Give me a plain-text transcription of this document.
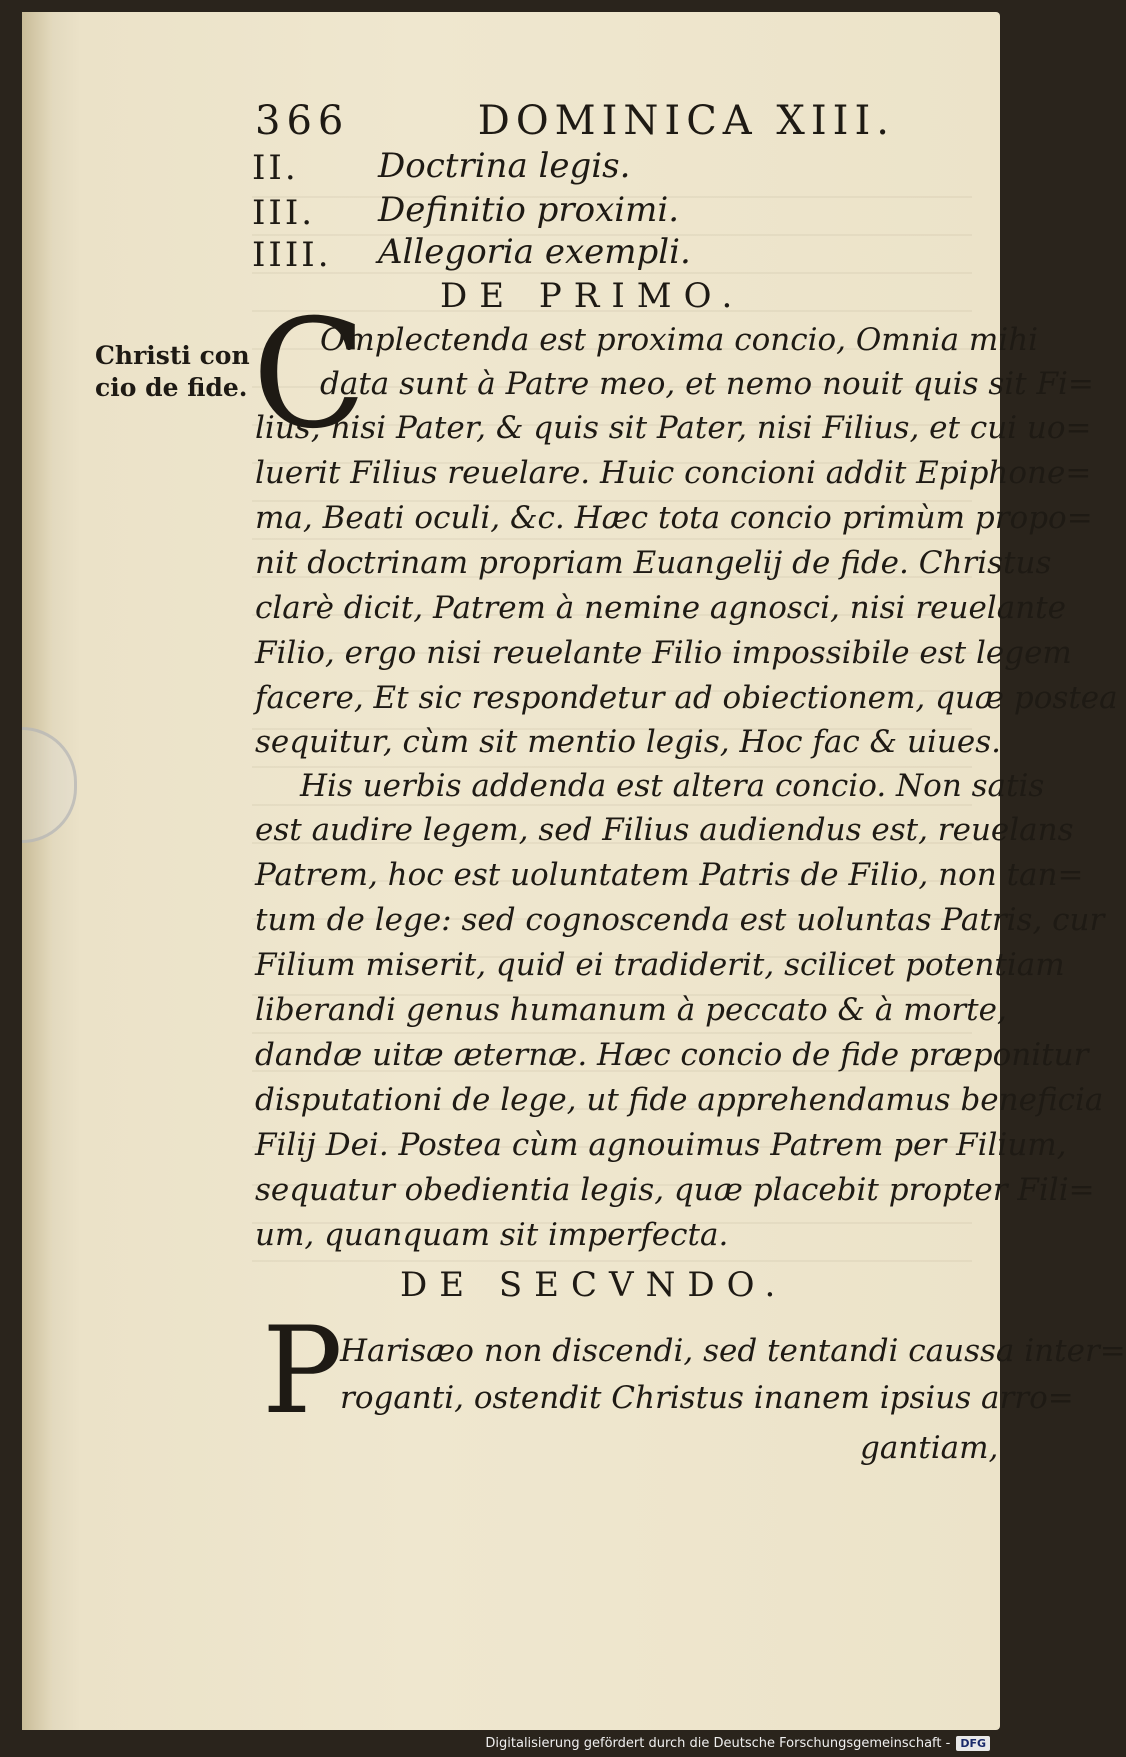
366	DOMINICA XIII.
II. Doctrina legis.
III. Definitio proximi.
IIII. Allegoria exempli.
DE PRIMO.
Christi con
cio de fide. C
Omplectenda est proxima concio, Omnia mihi
data sunt à Patre meo, et nemo nouit quis sit Fi=
lius, nisi Pater, & quis sit Pater, nisi Filius, et cui uo=
luerit Filius reuelare. Huic concioni addit Epiphone=
ma, Beati oculi, &c. Hæc tota concio primùm propo=
nit doctrinam propriam Euangelij de fide. Christus
clarè dicit, Patrem à nemine agnosci, nisi reuelante
Filio, ergo nisi reuelante Filio impossibile est legem
facere, Et sic respondetur ad obiectionem, quæ postea
sequitur, cùm sit mentio legis, Hoc fac & uiues.
His uerbis addenda est altera concio. Non satis
est audire legem, sed Filius audiendus est, reuelans
Patrem, hoc est uoluntatem Patris de Filio, non tan=
tum de lege: sed cognoscenda est uoluntas Patris, cur
Filium miserit, quid ei tradiderit, scilicet potentiam
liberandi genus humanum à peccato & à morte,
dandæ uitæ æternæ. Hæc concio de fide præponitur
disputationi de lege, ut fide apprehendamus beneficia
Filij Dei. Postea cùm agnouimus Patrem per Filium,
sequatur obedientia legis, quæ placebit propter Fili=
um, quanquam sit imperfecta.
DE SECVNDO.
P
Harisæo non discendi, sed tentandi caussa inter=
roganti, ostendit Christus inanem ipsius arro=
gantiam,
Digitalisierung gefördert durch die Deutsche Forschungsgemeinschaft - DFG
